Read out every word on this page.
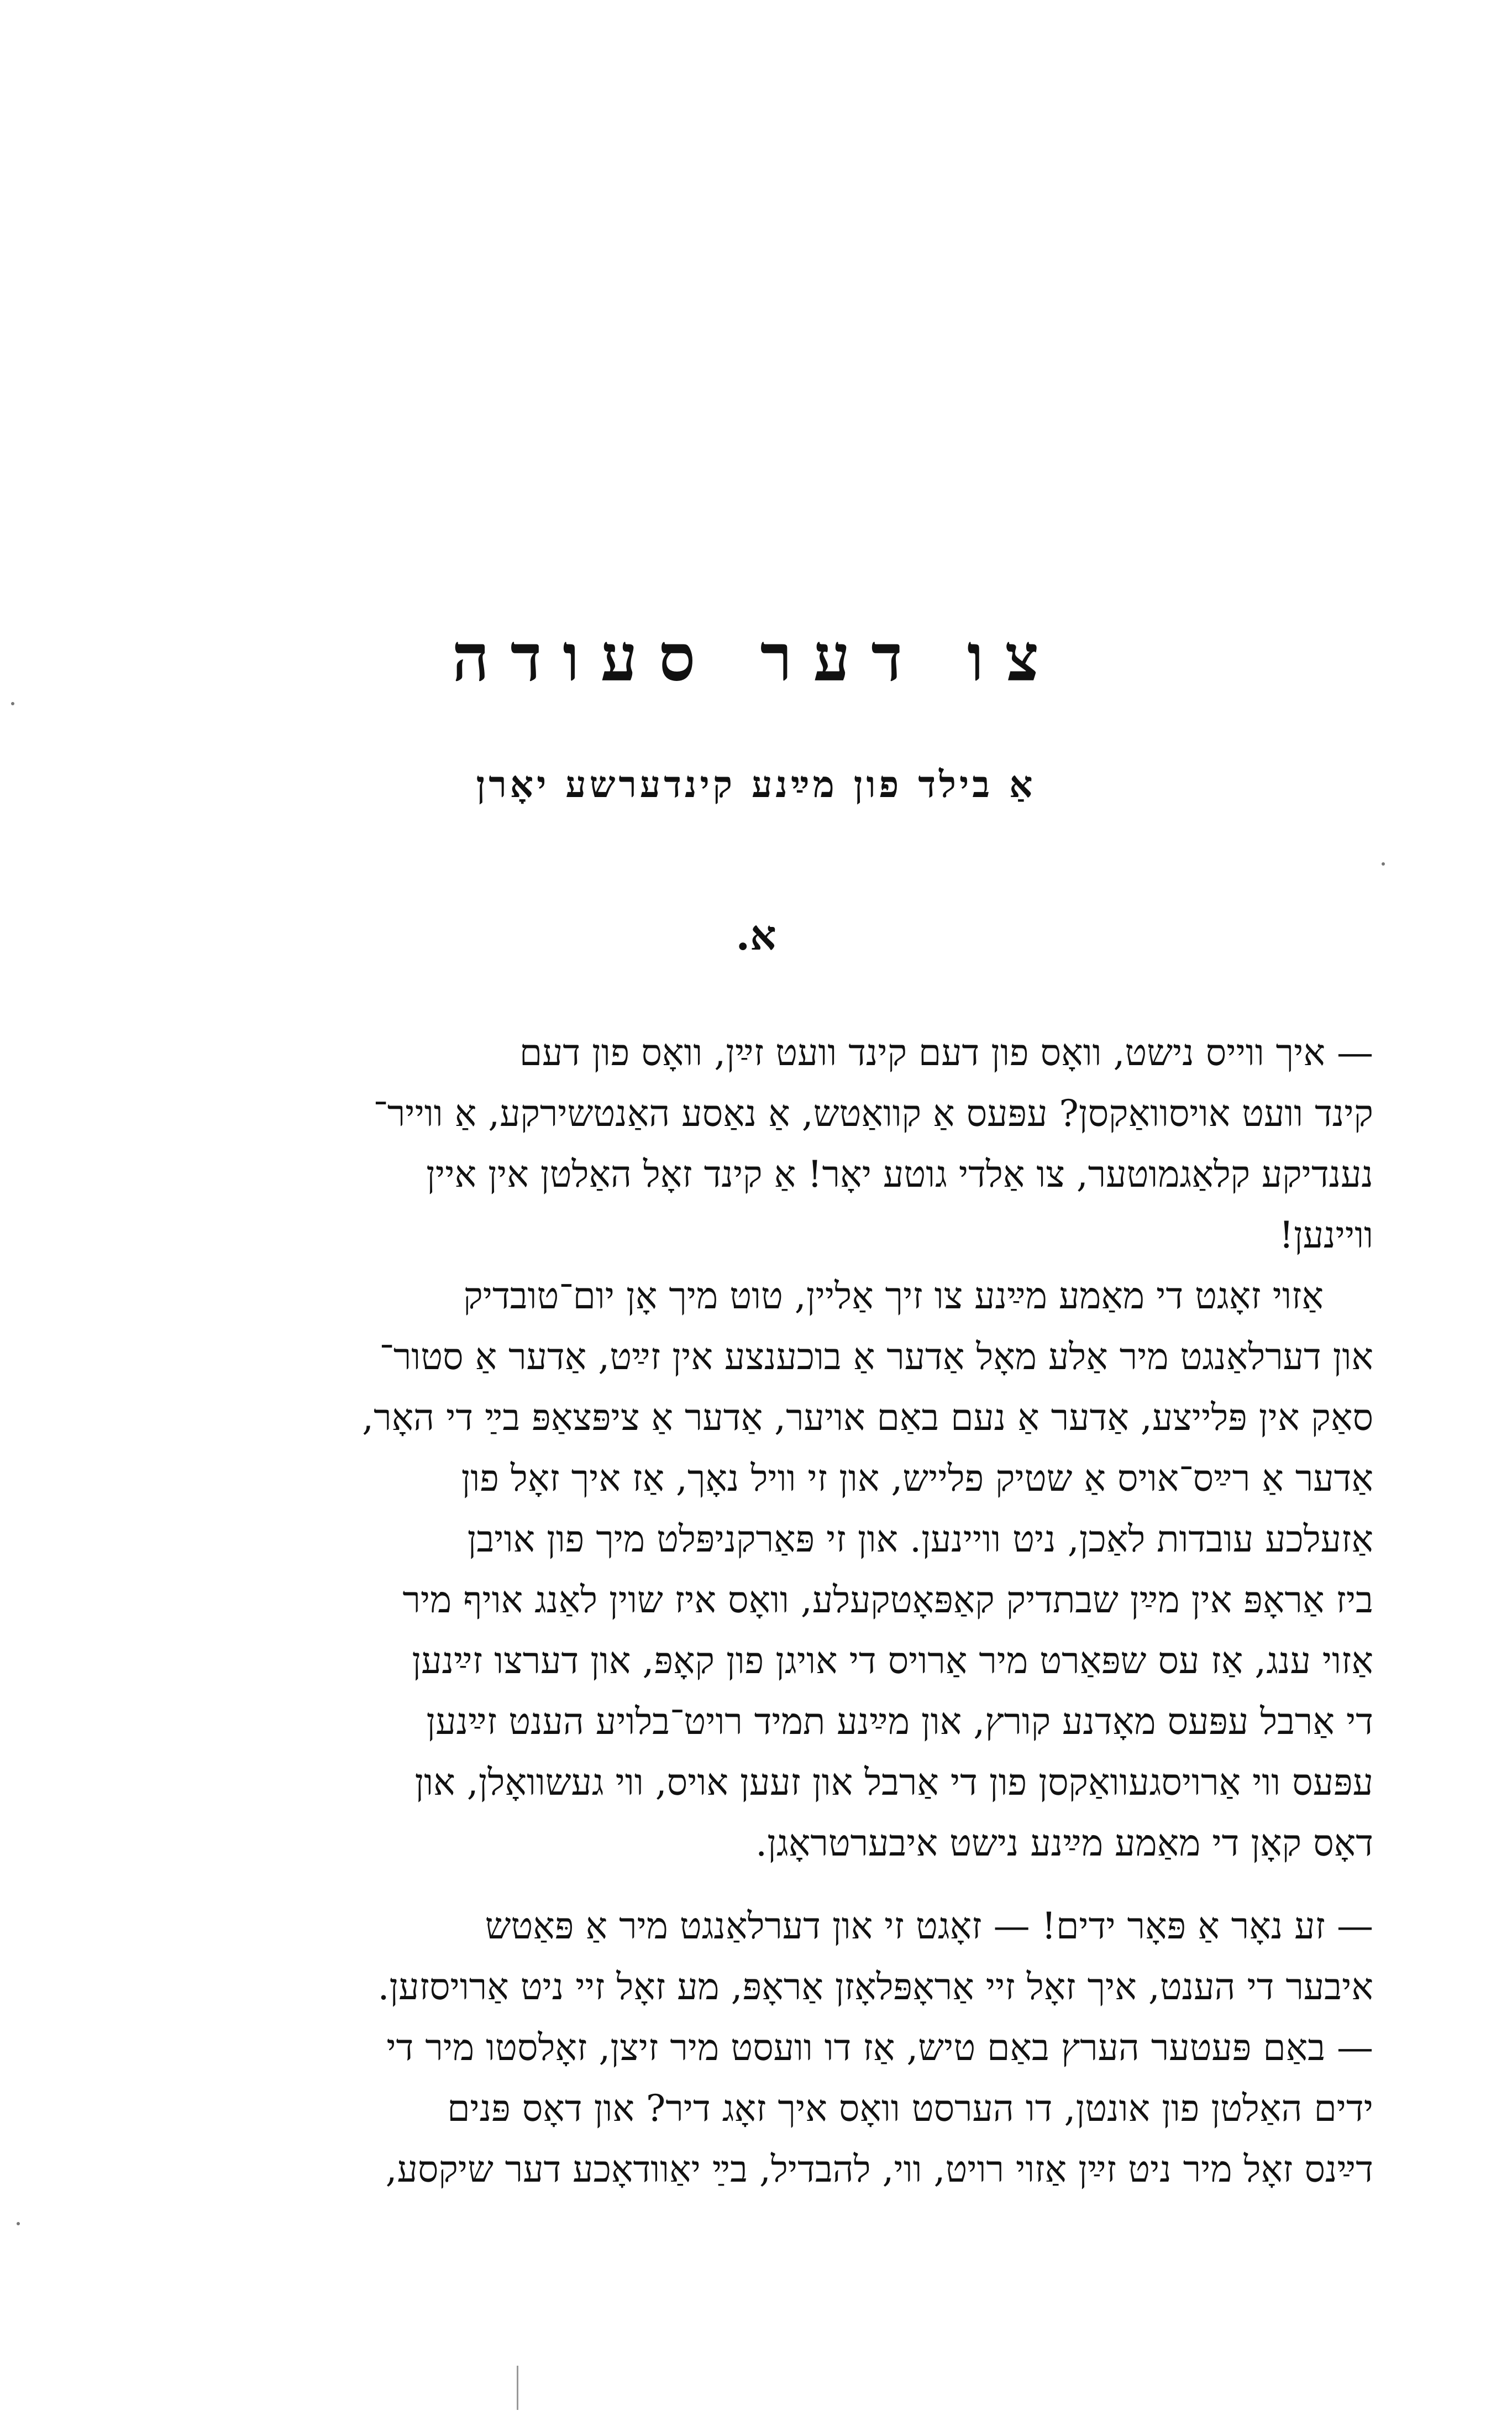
צו דער סעודה
אַ בילד פון מײַנע קינדערשע יאָרן
א.

— איך ווייס נישט, וואָס פון דעם קינד וועט זײַן, וואָס פון דעם
קינד וועט אויסוואַקסן? עפּעס אַ קוואַטש, אַ נאַסע האַנטשירקע, אַ ווייר־
נענדיקע קלאַגמוטער, צו אַלדי גוטע יאָר! אַ קינד זאָל האַלטן אין איין
וויינען!

אַזוי זאָגט די מאַמע מײַנע צו זיך אַליין, טוט מיך אָן יום־טובדיק
און דערלאַנגט מיר אַלע מאָל אַדער אַ בוכענצע אין זײַט, אַדער אַ סטור־
סאַק אין פּלייצע, אַדער אַ נעם באַם אויער, אַדער אַ ציפּצאַפּ בײַ די האָר,
אַדער אַ רײַס־אויס אַ שטיק פלייש, און זי וויל נאָך, אַז איך זאָל פון
אַזעלכע עובדות לאַכן, ניט וויינען. און זי פּאַרקניפּלט מיך פון אויבן
ביז אַראָפּ אין מײַן שבתדיק קאַפּאָטקעלע, וואָס איז שוין לאַנג אויף מיר
אַזוי ענג, אַז עס שפּאַרט מיר אַרויס די אויגן פון קאָפּ, און דערצו זײַנען
די אַרבל עפּעס מאָדנע קורץ, און מײַנע תמיד רויט־בלויע הענט זײַנען
עפּעס ווי אַרויסגעוואַקסן פון די אַרבל און זעען אויס, ווי געשוואָלן, און
דאָס קאָן די מאַמע מײַנע נישט איבערטראָגן.

— זע נאָר אַ פּאָר ידים! — זאָגט זי און דערלאַנגט מיר אַ פּאַטש
איבער די הענט, איך זאָל זיי אַראָפּלאָזן אַראָפּ, מע זאָל זיי ניט אַרויסזען.
— באַם פּעטער הערץ באַם טיש, אַז דו וועסט מיר זיצן, זאָלסטו מיר די
ידים האַלטן פון אונטן, דו הערסט וואָס איך זאָג דיר? און דאָס פּנים
דײַנס זאָל מיר ניט זײַן אַזוי רויט, ווי, להבדיל, בײַ יאַוודאָכע דער שיקסע,
